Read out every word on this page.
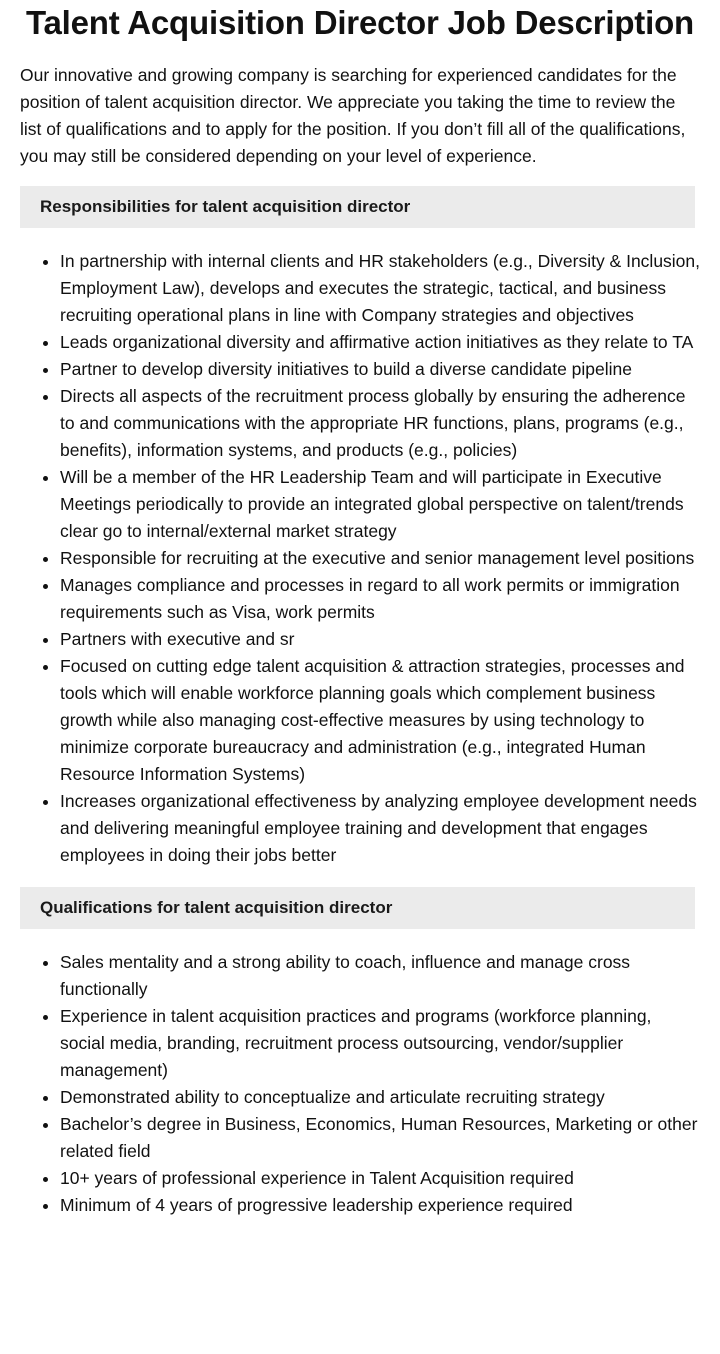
Talent Acquisition Director Job Description

Our innovative and growing company is searching for experienced candidates for the position of talent acquisition director. We appreciate you taking the time to review the list of qualifications and to apply for the position. If you don’t fill all of the qualifications, you may still be considered depending on your level of experience.

Responsibilities for talent acquisition director
• In partnership with internal clients and HR stakeholders (e.g., Diversity & Inclusion, Employment Law), develops and executes the strategic, tactical, and business recruiting operational plans in line with Company strategies and objectives
• Leads organizational diversity and affirmative action initiatives as they relate to TA
• Partner to develop diversity initiatives to build a diverse candidate pipeline
• Directs all aspects of the recruitment process globally by ensuring the adherence to and communications with the appropriate HR functions, plans, programs (e.g., benefits), information systems, and products (e.g., policies)
• Will be a member of the HR Leadership Team and will participate in Executive Meetings periodically to provide an integrated global perspective on talent/trends clear go to internal/external market strategy
• Responsible for recruiting at the executive and senior management level positions
• Manages compliance and processes in regard to all work permits or immigration requirements such as Visa, work permits
• Partners with executive and sr
• Focused on cutting edge talent acquisition & attraction strategies, processes and tools which will enable workforce planning goals which complement business growth while also managing cost-effective measures by using technology to minimize corporate bureaucracy and administration (e.g., integrated Human Resource Information Systems)
• Increases organizational effectiveness by analyzing employee development needs and delivering meaningful employee training and development that engages employees in doing their jobs better
Qualifications for talent acquisition director
• Sales mentality and a strong ability to coach, influence and manage cross functionally
• Experience in talent acquisition practices and programs (workforce planning, social media, branding, recruitment process outsourcing, vendor/supplier management)
• Demonstrated ability to conceptualize and articulate recruiting strategy
• Bachelor’s degree in Business, Economics, Human Resources, Marketing or other related field
• 10+ years of professional experience in Talent Acquisition required
• Minimum of 4 years of progressive leadership experience required
